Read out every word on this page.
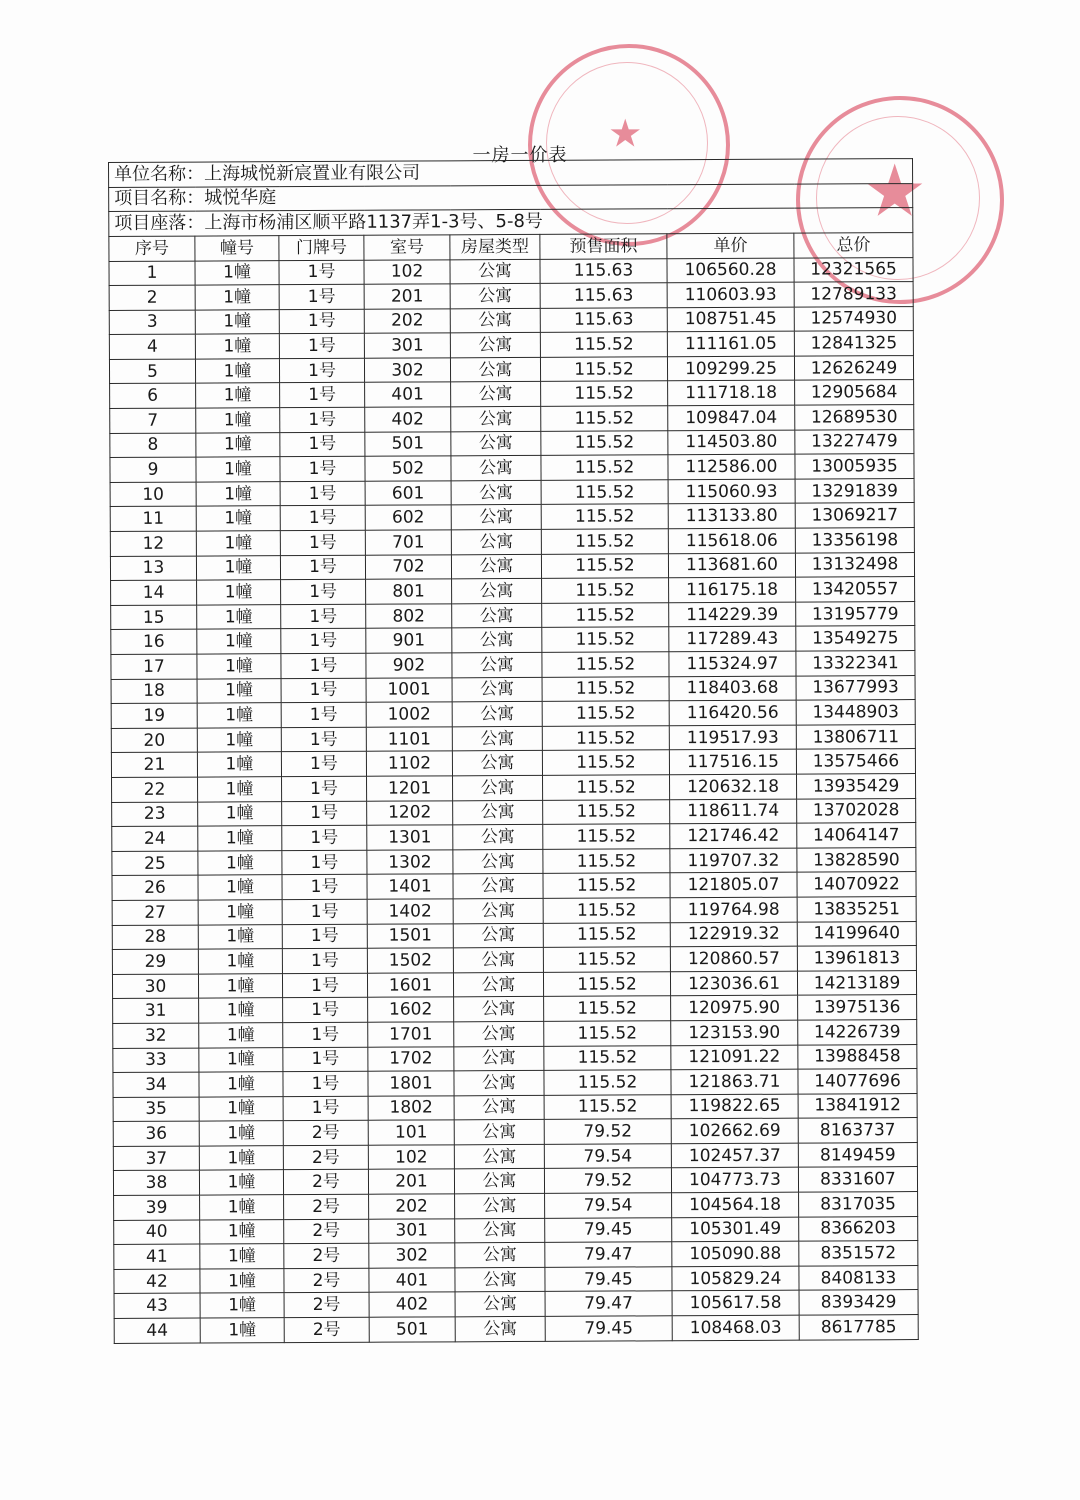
★
★
一房一价表
单位名称：上海城悦新宸置业有限公司							
项目名称：城悦华庭							
项目座落：上海市杨浦区顺平路1137弄1-3号、5-8号							
序号	幢号	门牌号	室号	房屋类型	预售面积	单价	总价
1	1幢	1号	102	公寓	115.63	106560.28	12321565
2	1幢	1号	201	公寓	115.63	110603.93	12789133
3	1幢	1号	202	公寓	115.63	108751.45	12574930
4	1幢	1号	301	公寓	115.52	111161.05	12841325
5	1幢	1号	302	公寓	115.52	109299.25	12626249
6	1幢	1号	401	公寓	115.52	111718.18	12905684
7	1幢	1号	402	公寓	115.52	109847.04	12689530
8	1幢	1号	501	公寓	115.52	114503.80	13227479
9	1幢	1号	502	公寓	115.52	112586.00	13005935
10	1幢	1号	601	公寓	115.52	115060.93	13291839
11	1幢	1号	602	公寓	115.52	113133.80	13069217
12	1幢	1号	701	公寓	115.52	115618.06	13356198
13	1幢	1号	702	公寓	115.52	113681.60	13132498
14	1幢	1号	801	公寓	115.52	116175.18	13420557
15	1幢	1号	802	公寓	115.52	114229.39	13195779
16	1幢	1号	901	公寓	115.52	117289.43	13549275
17	1幢	1号	902	公寓	115.52	115324.97	13322341
18	1幢	1号	1001	公寓	115.52	118403.68	13677993
19	1幢	1号	1002	公寓	115.52	116420.56	13448903
20	1幢	1号	1101	公寓	115.52	119517.93	13806711
21	1幢	1号	1102	公寓	115.52	117516.15	13575466
22	1幢	1号	1201	公寓	115.52	120632.18	13935429
23	1幢	1号	1202	公寓	115.52	118611.74	13702028
24	1幢	1号	1301	公寓	115.52	121746.42	14064147
25	1幢	1号	1302	公寓	115.52	119707.32	13828590
26	1幢	1号	1401	公寓	115.52	121805.07	14070922
27	1幢	1号	1402	公寓	115.52	119764.98	13835251
28	1幢	1号	1501	公寓	115.52	122919.32	14199640
29	1幢	1号	1502	公寓	115.52	120860.57	13961813
30	1幢	1号	1601	公寓	115.52	123036.61	14213189
31	1幢	1号	1602	公寓	115.52	120975.90	13975136
32	1幢	1号	1701	公寓	115.52	123153.90	14226739
33	1幢	1号	1702	公寓	115.52	121091.22	13988458
34	1幢	1号	1801	公寓	115.52	121863.71	14077696
35	1幢	1号	1802	公寓	115.52	119822.65	13841912
36	1幢	2号	101	公寓	79.52	102662.69	8163737
37	1幢	2号	102	公寓	79.54	102457.37	8149459
38	1幢	2号	201	公寓	79.52	104773.73	8331607
39	1幢	2号	202	公寓	79.54	104564.18	8317035
40	1幢	2号	301	公寓	79.45	105301.49	8366203
41	1幢	2号	302	公寓	79.47	105090.88	8351572
42	1幢	2号	401	公寓	79.45	105829.24	8408133
43	1幢	2号	402	公寓	79.47	105617.58	8393429
44	1幢	2号	501	公寓	79.45	108468.03	8617785
